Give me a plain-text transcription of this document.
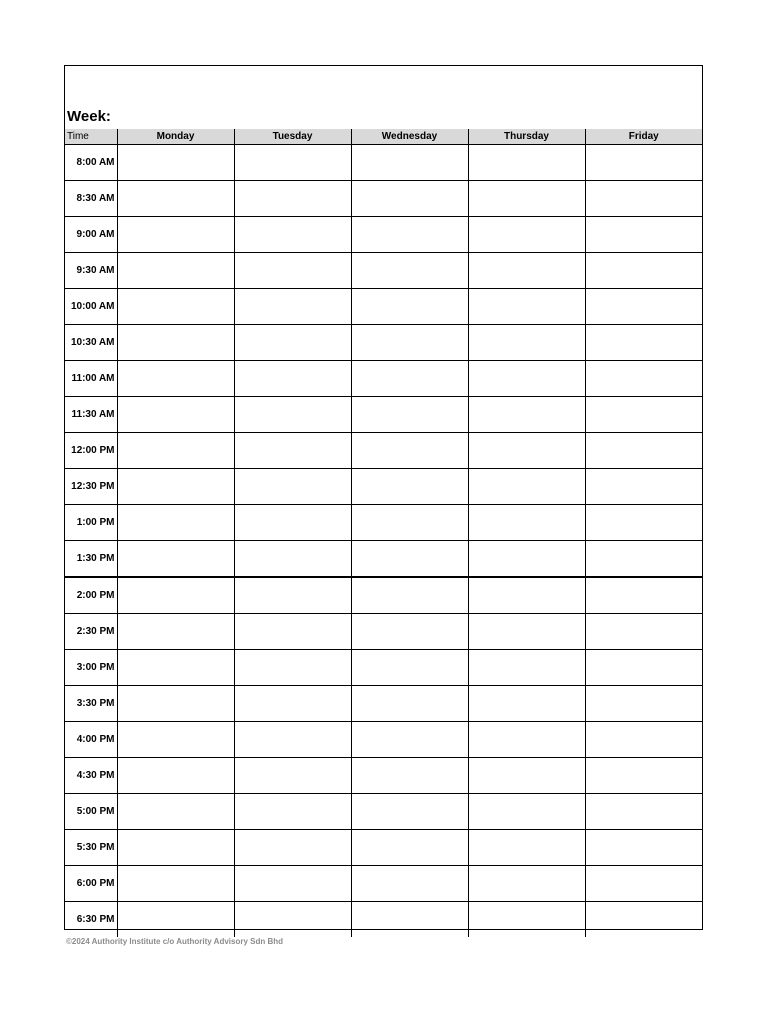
Week:
Time	Monday	Tuesday	Wednesday	Thursday	Friday
8:00 AM					
8:30 AM					
9:00 AM					
9:30 AM					
10:00 AM					
10:30 AM					
11:00 AM					
11:30 AM					
12:00 PM					
12:30 PM					
1:00 PM					
1:30 PM					
2:00 PM					
2:30 PM					
3:00 PM					
3:30 PM					
4:00 PM					
4:30 PM					
5:00 PM					
5:30 PM					
6:00 PM					
6:30 PM					
©2024 Authority Institute c/o Authority Advisory Sdn Bhd
